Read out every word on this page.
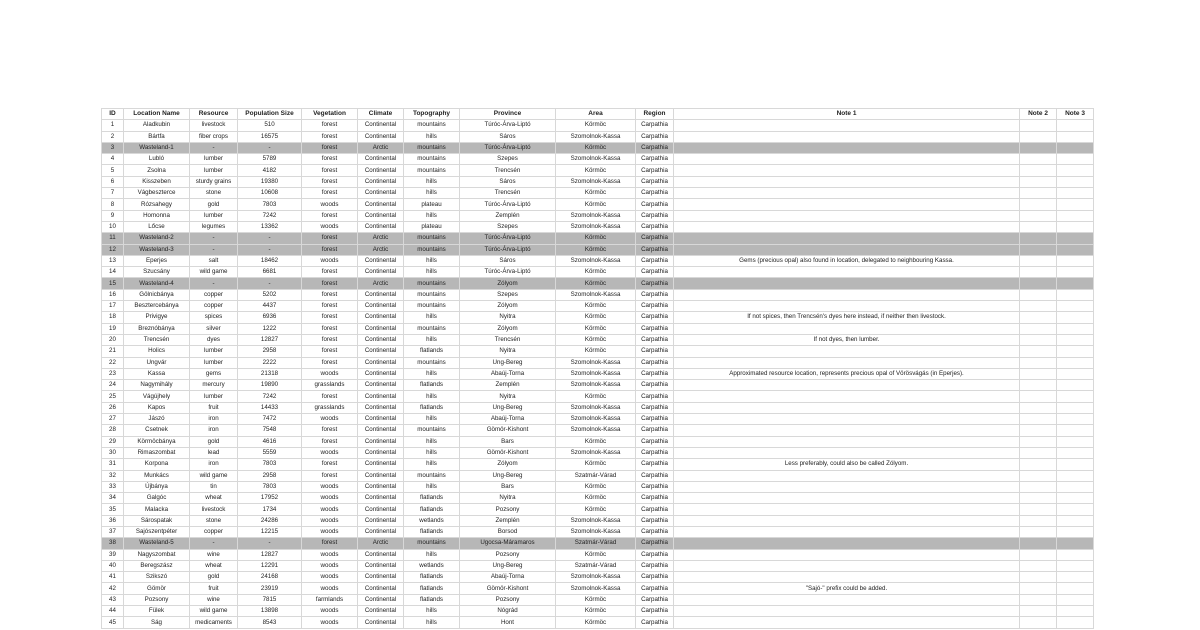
ID	Location Name	Resource	Population Size	Vegetation	Climate	Topography	Province	Area	Region	Note 1	Note 2	Note 3
1	Aladkubin	livestock	510	forest	Continental	mountains	Túróc-Árva-Liptó	Körmöc	Carpathia			
2	Bártfa	fiber crops	16575	forest	Continental	hills	Sáros	Szomolnok-Kassa	Carpathia			
3	Wasteland-1	-	-	forest	Arctic	mountains	Túróc-Árva-Liptó	Körmöc	Carpathia			
4	Lubló	lumber	5789	forest	Continental	mountains	Szepes	Szomolnok-Kassa	Carpathia			
5	Zsolna	lumber	4182	forest	Continental	mountains	Trencsén	Körmöc	Carpathia			
6	Kisszeben	sturdy grains	19380	forest	Continental	hills	Sáros	Szomolnok-Kassa	Carpathia			
7	Vágbeszterce	stone	10608	forest	Continental	hills	Trencsén	Körmöc	Carpathia			
8	Rózsahegy	gold	7803	woods	Continental	plateau	Túróc-Árva-Liptó	Körmöc	Carpathia			
9	Homonna	lumber	7242	forest	Continental	hills	Zemplén	Szomolnok-Kassa	Carpathia			
10	Lőcse	legumes	13362	woods	Continental	plateau	Szepes	Szomolnok-Kassa	Carpathia			
11	Wasteland-2	-	-	forest	Arctic	mountains	Túróc-Árva-Liptó	Körmöc	Carpathia			
12	Wasteland-3	-	-	forest	Arctic	mountains	Túróc-Árva-Liptó	Körmöc	Carpathia			
13	Eperjes	salt	18462	woods	Continental	hills	Sáros	Szomolnok-Kassa	Carpathia	Gems (precious opal) also found in location, delegated to neighbouring Kassa.		
14	Szucsány	wild game	6681	forest	Continental	hills	Túróc-Árva-Liptó	Körmöc	Carpathia			
15	Wasteland-4	-	-	forest	Arctic	mountains	Zólyom	Körmöc	Carpathia			
16	Gölnicbánya	copper	5202	forest	Continental	mountains	Szepes	Szomolnok-Kassa	Carpathia			
17	Besztercebánya	copper	4437	forest	Continental	mountains	Zólyom	Körmöc	Carpathia			
18	Privigye	spices	6936	forest	Continental	hills	Nyitra	Körmöc	Carpathia	If not spices, then Trencsén's dyes here instead, if neither then livestock.		
19	Breznóbánya	silver	1222	forest	Continental	mountains	Zólyom	Körmöc	Carpathia			
20	Trencsén	dyes	12827	forest	Continental	hills	Trencsén	Körmöc	Carpathia	If not dyes, then lumber.		
21	Holics	lumber	2958	forest	Continental	flatlands	Nyitra	Körmöc	Carpathia			
22	Ungvár	lumber	2222	forest	Continental	mountains	Ung-Bereg	Szomolnok-Kassa	Carpathia			
23	Kassa	gems	21318	woods	Continental	hills	Abaúj-Torna	Szomolnok-Kassa	Carpathia	Approximated resource location, represents precious opal of Vörösvágás (in Eperjes).		
24	Nagymihály	mercury	19890	grasslands	Continental	flatlands	Zemplén	Szomolnok-Kassa	Carpathia			
25	Vágújhely	lumber	7242	forest	Continental	hills	Nyitra	Körmöc	Carpathia			
26	Kapos	fruit	14433	grasslands	Continental	flatlands	Ung-Bereg	Szomolnok-Kassa	Carpathia			
27	Jászó	iron	7472	woods	Continental	hills	Abaúj-Torna	Szomolnok-Kassa	Carpathia			
28	Csetnek	iron	7548	forest	Continental	mountains	Gömör-Kishont	Szomolnok-Kassa	Carpathia			
29	Körmöcbánya	gold	4616	forest	Continental	hills	Bars	Körmöc	Carpathia			
30	Rimaszombat	lead	5559	woods	Continental	hills	Gömör-Kishont	Szomolnok-Kassa	Carpathia			
31	Korpona	iron	7803	forest	Continental	hills	Zólyom	Körmöc	Carpathia	Less preferably, could also be called Zólyom.		
32	Munkács	wild game	2958	forest	Continental	mountains	Ung-Bereg	Szatmár-Várad	Carpathia			
33	Újbánya	tin	7803	woods	Continental	hills	Bars	Körmöc	Carpathia			
34	Galgóc	wheat	17952	woods	Continental	flatlands	Nyitra	Körmöc	Carpathia			
35	Malacka	livestock	1734	woods	Continental	flatlands	Pozsony	Körmöc	Carpathia			
36	Sárospatak	stone	24286	woods	Continental	wetlands	Zemplén	Szomolnok-Kassa	Carpathia			
37	Sajószentpéter	copper	12215	woods	Continental	flatlands	Borsod	Szomolnok-Kassa	Carpathia			
38	Wasteland-5	-	-	forest	Arctic	mountains	Ugocsa-Máramaros	Szatmár-Várad	Carpathia			
39	Nagyszombat	wine	12827	woods	Continental	hills	Pozsony	Körmöc	Carpathia			
40	Beregszász	wheat	12291	woods	Continental	wetlands	Ung-Bereg	Szatmár-Várad	Carpathia			
41	Szikszó	gold	24168	woods	Continental	flatlands	Abaúj-Torna	Szomolnok-Kassa	Carpathia			
42	Gömör	fruit	23919	woods	Continental	flatlands	Gömör-Kishont	Szomolnok-Kassa	Carpathia	"Sajó-" prefix could be added.		
43	Pozsony	wine	7815	farmlands	Continental	flatlands	Pozsony	Körmöc	Carpathia			
44	Fülek	wild game	13898	woods	Continental	hills	Nógrád	Körmöc	Carpathia			
45	Ság	medicaments	8543	woods	Continental	hills	Hont	Körmöc	Carpathia			
